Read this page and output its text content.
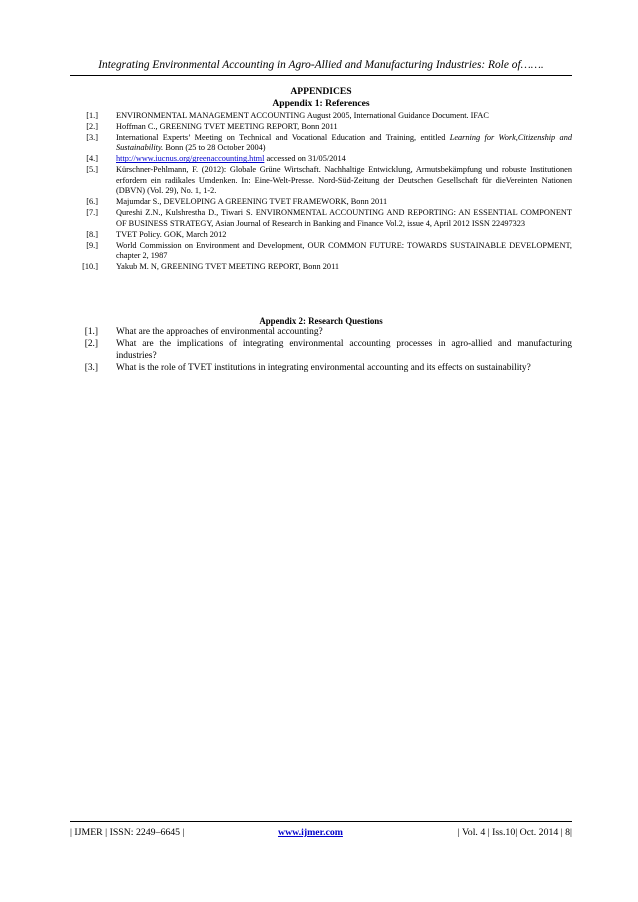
Integrating Environmental Accounting in Agro-Allied and Manufacturing Industries: Role of…….
APPENDICES
Appendix 1: References
[1.] ENVIRONMENTAL MANAGEMENT ACCOUNTING August 2005, International Guidance Document. IFAC
[2.] Hoffman C., GREENING TVET MEETING REPORT, Bonn 2011
[3.] International Experts’ Meeting on Technical and Vocational Education and Training, entitled Learning for Work,Citizenship and Sustainability. Bonn (25 to 28 October 2004)
[4.] http://www.iucnus.org/greenaccounting.html accessed on 31/05/2014
[5.] Kürschner-Pehlmann, F. (2012): Globale Grüne Wirtschaft. Nachhaltige Entwicklung, Armutsbekämpfung und robuste Institutionen erfordern ein radikales Umdenken. In: Eine-Welt-Presse. Nord-Süd-Zeitung der Deutschen Gesellschaft für dieVereinten Nationen (DBVN) (Vol. 29), No. 1, 1-2.
[6.] Majumdar S., DEVELOPING A GREENING TVET FRAMEWORK, Bonn 2011
[7.] Qureshi Z.N., Kulshrestha D., Tiwari S. ENVIRONMENTAL ACCOUNTING AND REPORTING: AN ESSENTIAL COMPONENT OF BUSINESS STRATEGY, Asian Journal of Research in Banking and Finance Vol.2, issue 4, April 2012 ISSN 22497323
[8.] TVET Policy. GOK, March 2012
[9.] World Commission on Environment and Development, OUR COMMON FUTURE: TOWARDS SUSTAINABLE DEVELOPMENT, chapter 2, 1987
[10.] Yakub M. N, GREENING TVET MEETING REPORT, Bonn 2011
Appendix 2: Research Questions
[1.] What are the approaches of environmental accounting?
[2.] What are the implications of integrating environmental accounting processes in agro-allied and manufacturing industries?
[3.] What is the role of TVET institutions in integrating environmental accounting and its effects on sustainability?
| IJMER | ISSN: 2249–6645 |	www.ijmer.com	| Vol. 4 | Iss.10| Oct. 2014 | 8|
